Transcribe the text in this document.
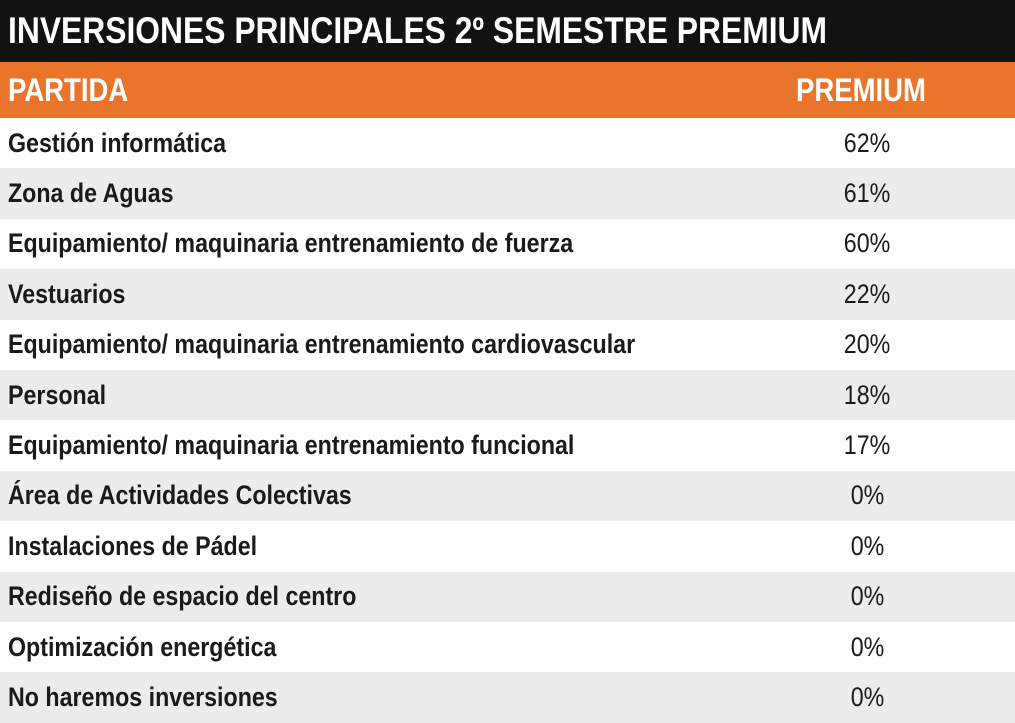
INVERSIONES PRINCIPALES 2º SEMESTRE PREMIUM
PARTIDA	PREMIUM
Gestión informática	62%
Zona de Aguas	61%
Equipamiento/ maquinaria entrenamiento de fuerza	60%
Vestuarios	22%
Equipamiento/ maquinaria entrenamiento cardiovascular	20%
Personal	18%
Equipamiento/ maquinaria entrenamiento funcional	17%
Área de Actividades Colectivas	0%
Instalaciones de Pádel	0%
Rediseño de espacio del centro	0%
Optimización energética	0%
No haremos inversiones	0%
